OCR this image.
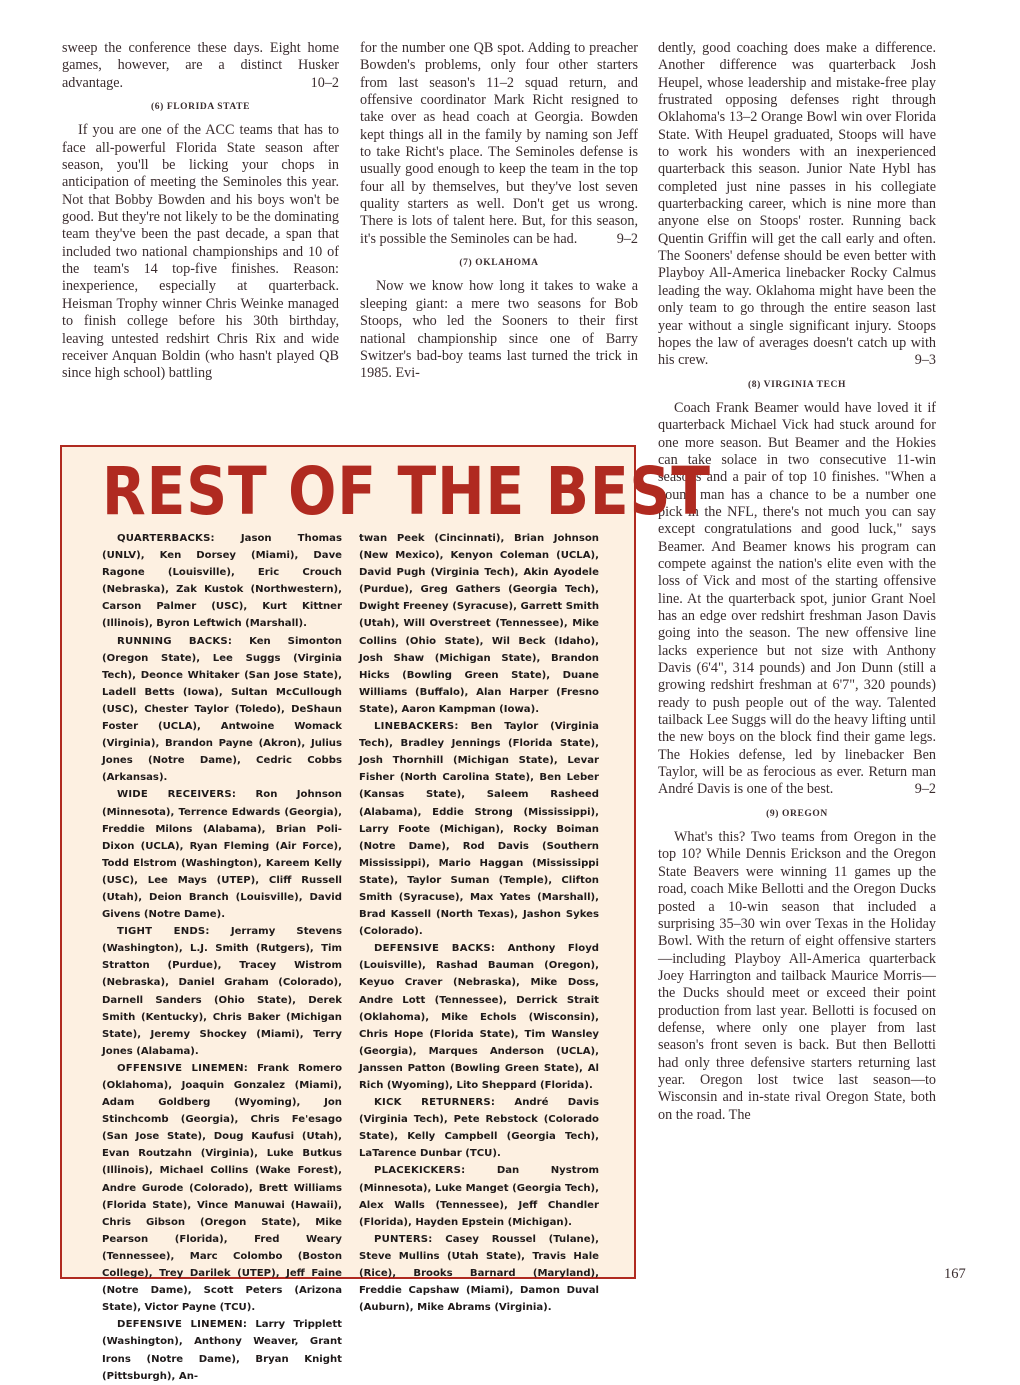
sweep the conference these days. Eight home games, however, are a distinct Husker advantage.	10–2

(6) FLORIDA STATE

If you are one of the ACC teams that has to face all-powerful Florida State season after season, you'll be licking your chops in anticipation of meeting the Seminoles this year. Not that Bobby Bowden and his boys won't be good. But they're not likely to be the dominating team they've been the past decade, a span that included two national championships and 10 of the team's 14 top-five finishes. Reason: inexperience, especially at quarterback. Heisman Trophy winner Chris Weinke managed to finish college before his 30th birthday, leaving untested redshirt Chris Rix and wide receiver Anquan Boldin (who hasn't played QB since high school) battling

for the number one QB spot. Adding to preacher Bowden's problems, only four other starters from last season's 11–2 squad return, and offensive coordinator Mark Richt resigned to take over as head coach at Georgia. Bowden kept things all in the family by naming son Jeff to take Richt's place. The Seminoles defense is usually good enough to keep the team in the top four all by themselves, but they've lost seven quality starters as well. Don't get us wrong. There is lots of talent here. But, for this season, it's possible the Seminoles can be had.	9–2

(7) OKLAHOMA

Now we know how long it takes to wake a sleeping giant: a mere two seasons for Bob Stoops, who led the Sooners to their first national championship since one of Barry Switzer's bad-boy teams last turned the trick in 1985. Evi-

dently, good coaching does make a difference. Another difference was quarterback Josh Heupel, whose leadership and mistake-free play frustrated opposing defenses right through Oklahoma's 13–2 Orange Bowl win over Florida State. With Heupel graduated, Stoops will have to work his wonders with an inexperienced quarterback this season. Junior Nate Hybl has completed just nine passes in his collegiate quarterbacking career, which is nine more than anyone else on Stoops' roster. Running back Quentin Griffin will get the call early and often. The Sooners' defense should be even better with Playboy All-America linebacker Rocky Calmus leading the way. Oklahoma might have been the only team to go through the entire season last year without a single significant injury. Stoops hopes the law of averages doesn't catch up with his crew.	9–3

(8) VIRGINIA TECH

Coach Frank Beamer would have loved it if quarterback Michael Vick had stuck around for one more season. But Beamer and the Hokies can take solace in two consecutive 11-win seasons and a pair of top 10 finishes. "When a young man has a chance to be a number one pick in the NFL, there's not much you can say except congratulations and good luck," says Beamer. And Beamer knows his program can compete against the nation's elite even with the loss of Vick and most of the starting offensive line. At the quarterback spot, junior Grant Noel has an edge over redshirt freshman Jason Davis going into the season. The new offensive line lacks experience but not size with Anthony Davis (6'4", 314 pounds) and Jon Dunn (still a growing redshirt freshman at 6'7", 320 pounds) ready to push people out of the way. Talented tailback Lee Suggs will do the heavy lifting until the new boys on the block find their game legs. The Hokies defense, led by linebacker Ben Taylor, will be as ferocious as ever. Return man André Davis is one of the best.	9–2

(9) OREGON

What's this? Two teams from Oregon in the top 10? While Dennis Erickson and the Oregon State Beavers were winning 11 games up the road, coach Mike Bellotti and the Oregon Ducks posted a 10-win season that included a surprising 35–30 win over Texas in the Holiday Bowl. With the return of eight offensive starters—including Playboy All-America quarterback Joey Harrington and tailback Maurice Morris—the Ducks should meet or exceed their point production from last year. Bellotti is focused on defense, where only one player from last season's front seven is back. But then Bellotti had only three defensive starters returning last year. Oregon lost twice last season—to Wisconsin and in-state rival Oregon State, both on the road. The

167
REST OF THE BEST

QUARTERBACKS:	Jason Thomas (UNLV), Ken Dorsey (Miami), Dave Ragone (Louisville), Eric Crouch (Nebraska), Zak Kustok (Northwestern), Carson Palmer (USC), Kurt Kittner (Illinois), Byron Leftwich (Marshall).

RUNNING BACKS: Ken Simonton (Oregon State), Lee Suggs (Virginia Tech), Deonce Whitaker (San Jose State), Ladell Betts (Iowa), Sultan McCullough (USC), Chester Taylor (Toledo), DeShaun Foster (UCLA), Antwoine Womack (Virginia), Brandon Payne (Akron), Julius Jones (Notre Dame), Cedric Cobbs (Arkansas).

WIDE RECEIVERS: Ron Johnson (Minnesota), Terrence Edwards (Georgia), Freddie Milons (Alabama), Brian Poli-Dixon (UCLA), Ryan Fleming (Air Force), Todd Elstrom (Washington), Kareem Kelly (USC), Lee Mays (UTEP), Cliff Russell (Utah), Deion Branch (Louisville), David Givens (Notre Dame).

TIGHT ENDS: Jerramy Stevens (Washington), L.J. Smith (Rutgers), Tim Stratton (Purdue), Tracey Wistrom (Nebraska), Daniel Graham (Colorado), Darnell Sanders (Ohio State), Derek Smith (Kentucky), Chris Baker (Michigan State), Jeremy Shockey (Miami), Terry Jones (Alabama).

OFFENSIVE LINEMEN: Frank Romero (Oklahoma), Joaquin Gonzalez (Miami), Adam Goldberg (Wyoming), Jon Stinchcomb (Georgia), Chris Fe'esago (San Jose State), Doug Kaufusi (Utah), Evan Routzahn (Virginia), Luke Butkus (Illinois), Michael Collins (Wake Forest), Andre Gurode (Colorado), Brett Williams (Florida State), Vince Manuwai (Hawaii), Chris Gibson (Oregon State), Mike Pearson (Florida), Fred Weary (Tennessee), Marc Colombo (Boston College), Trey Darilek (UTEP), Jeff Faine (Notre Dame), Scott Peters (Arizona State), Victor Payne (TCU).

DEFENSIVE LINEMEN: Larry Tripplett (Washington), Anthony Weaver, Grant Irons (Notre Dame), Bryan Knight (Pittsburgh), An-

twan Peek (Cincinnati), Brian Johnson (New Mexico), Kenyon Coleman (UCLA), David Pugh (Virginia Tech), Akin Ayodele (Purdue), Greg Gathers (Georgia Tech), Dwight Freeney (Syracuse), Garrett Smith (Utah), Will Overstreet (Tennessee), Mike Collins (Ohio State), Wil Beck (Idaho), Josh Shaw (Michigan State), Brandon Hicks (Bowling Green State), Duane Williams (Buffalo), Alan Harper (Fresno State), Aaron Kampman (Iowa).

LINEBACKERS: Ben Taylor (Virginia Tech), Bradley Jennings (Florida State), Josh Thornhill (Michigan State), Levar Fisher (North Carolina State), Ben Leber (Kansas State), Saleem Rasheed (Alabama), Eddie Strong (Mississippi), Larry Foote (Michigan), Rocky Boiman (Notre Dame), Rod Davis (Southern Mississippi), Mario Haggan (Mississippi State), Taylor Suman (Temple), Clifton Smith (Syracuse), Max Yates (Marshall), Brad Kassell (North Texas), Jashon Sykes (Colorado).

DEFENSIVE BACKS: Anthony Floyd (Louisville), Rashad Bauman (Oregon), Keyuo Craver (Nebraska), Mike Doss, Andre Lott (Tennessee), Derrick Strait (Oklahoma), Mike Echols (Wisconsin), Chris Hope (Florida State), Tim Wansley (Georgia), Marques Anderson (UCLA), Janssen Patton (Bowling Green State), Al Rich (Wyoming), Lito Sheppard (Florida).

KICK RETURNERS: André Davis (Virginia Tech), Pete Rebstock (Colorado State), Kelly Campbell (Georgia Tech), LaTarence Dunbar (TCU).

PLACEKICKERS:	Dan Nystrom (Minnesota), Luke Manget (Georgia Tech), Alex Walls (Tennessee), Jeff Chandler (Florida), Hayden Epstein (Michigan).

PUNTERS: Casey Roussel (Tulane), Steve Mullins (Utah State), Travis Hale (Rice), Brooks Barnard (Maryland), Freddie Capshaw (Miami), Damon Duval (Auburn), Mike Abrams (Virginia).
